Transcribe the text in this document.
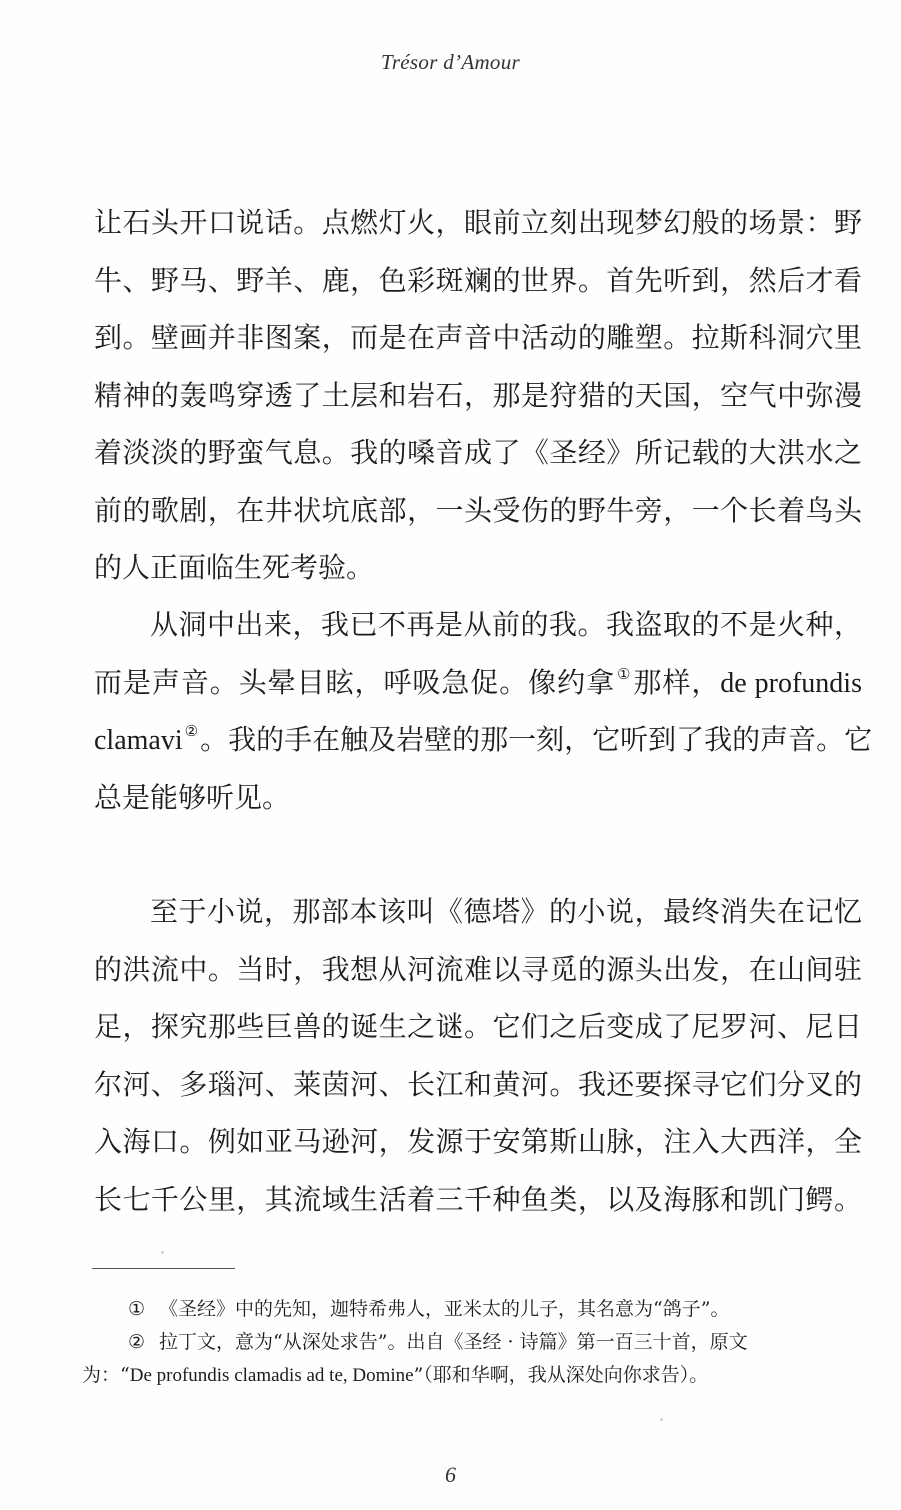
Trésor d’Amour
让石头开口说话。点燃灯火，眼前立刻出现梦幻般的场景：野
牛、野马、野羊、鹿，色彩斑斓的世界。首先听到，然后才看
到。壁画并非图案，而是在声音中活动的雕塑。拉斯科洞穴里
精神的轰鸣穿透了土层和岩石，那是狩猎的天国，空气中弥漫
着淡淡的野蛮气息。我的嗓音成了《圣经》所记载的大洪水之
前的歌剧，在井状坑底部，一头受伤的野牛旁，一个长着鸟头
的人正面临生死考验。
从洞中出来，我已不再是从前的我。我盗取的不是火种，
而是声音。头晕目眩，呼吸急促。像约拿 ①那样，de profundis
clamavi ②。我的手在触及岩壁的那一刻，它听到了我的声音。它
总是能够听见。
至于小说，那部本该叫《德塔》的小说，最终消失在记忆
的洪流中。当时，我想从河流难以寻觅的源头出发，在山间驻
足，探究那些巨兽的诞生之谜。它们之后变成了尼罗河、尼日
尔河、多瑙河、莱茵河、长江和黄河。我还要探寻它们分叉的
入海口。例如亚马逊河，发源于安第斯山脉，注入大西洋，全
长七千公里，其流域生活着三千种鱼类，以及海豚和凯门鳄。
① 《圣经》中的先知，迦特希弗人，亚米太的儿子，其名意为“鸽子”。
② 拉丁文，意为“从深处求告”。出自《圣经 · 诗篇》第一百三十首，原文
为：“De profundis clamadis ad te, Domine”（耶和华啊，我从深处向你求告）。
6
